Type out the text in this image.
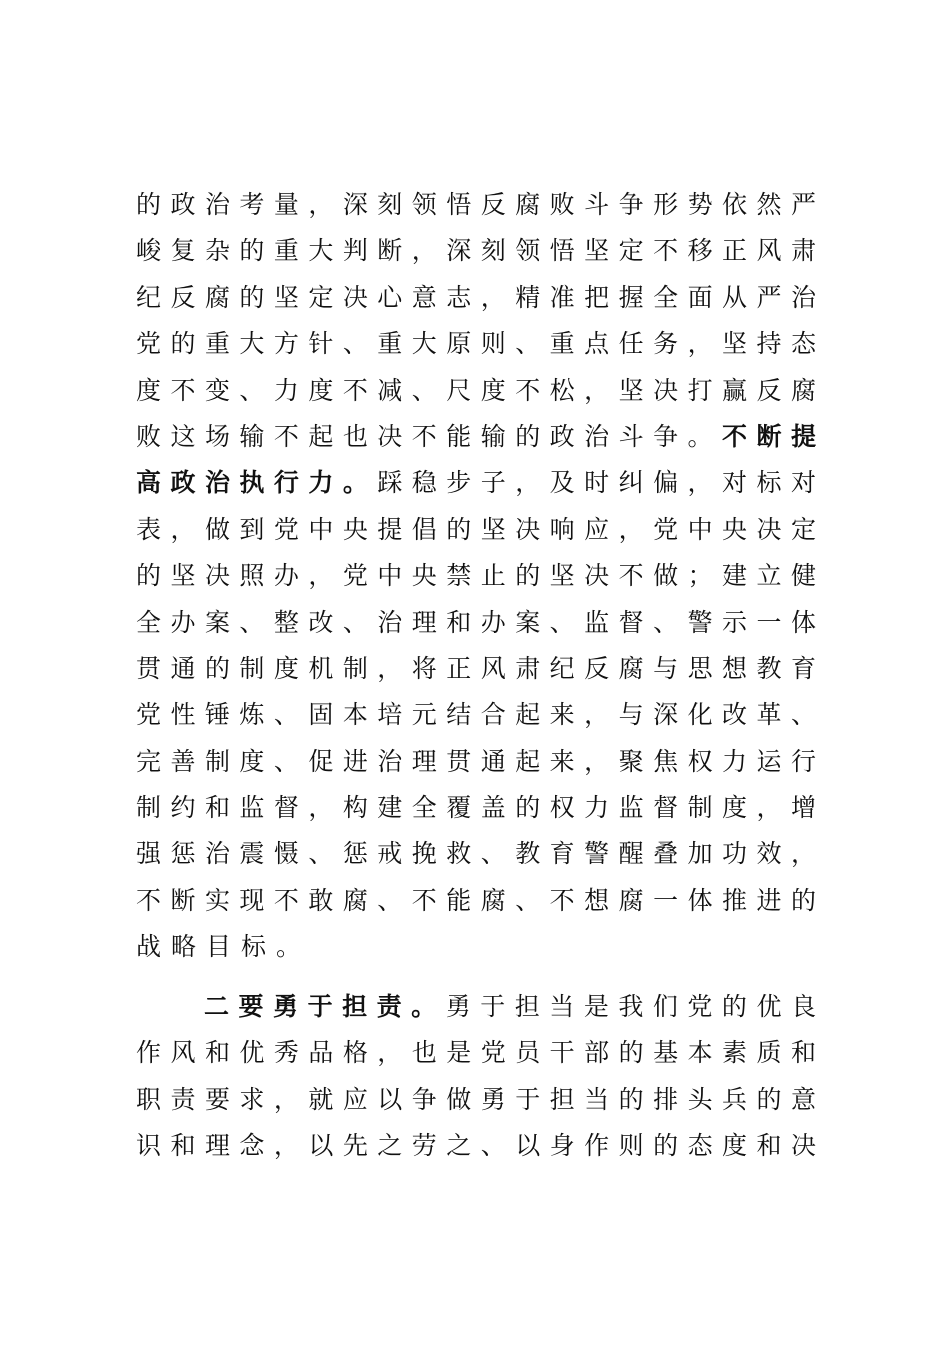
的政治考量，深刻领悟反腐败斗争形势依然严
峻复杂的重大判断，深刻领悟坚定不移正风肃
纪反腐的坚定决心意志，精准把握全面从严治
党的重大方针、重大原则、重点任务，坚持态
度不变、力度不减、尺度不松，坚决打赢反腐
败这场输不起也决不能输的政治斗争。不断提
高政治执行力。踩稳步子，及时纠偏，对标对
表，做到党中央提倡的坚决响应，党中央决定
的坚决照办，党中央禁止的坚决不做；建立健
全办案、整改、治理和办案、监督、警示一体
贯通的制度机制，将正风肃纪反腐与思想教育
党性锤炼、固本培元结合起来，与深化改革、
完善制度、促进治理贯通起来，聚焦权力运行
制约和监督，构建全覆盖的权力监督制度，增
强惩治震慑、惩戒挽救、教育警醒叠加功效，
不断实现不敢腐、不能腐、不想腐一体推进的
战略目标。
二要勇于担责。勇于担当是我们党的优良
作风和优秀品格，也是党员干部的基本素质和
职责要求，就应以争做勇于担当的排头兵的意
识和理念，以先之劳之、以身作则的态度和决
